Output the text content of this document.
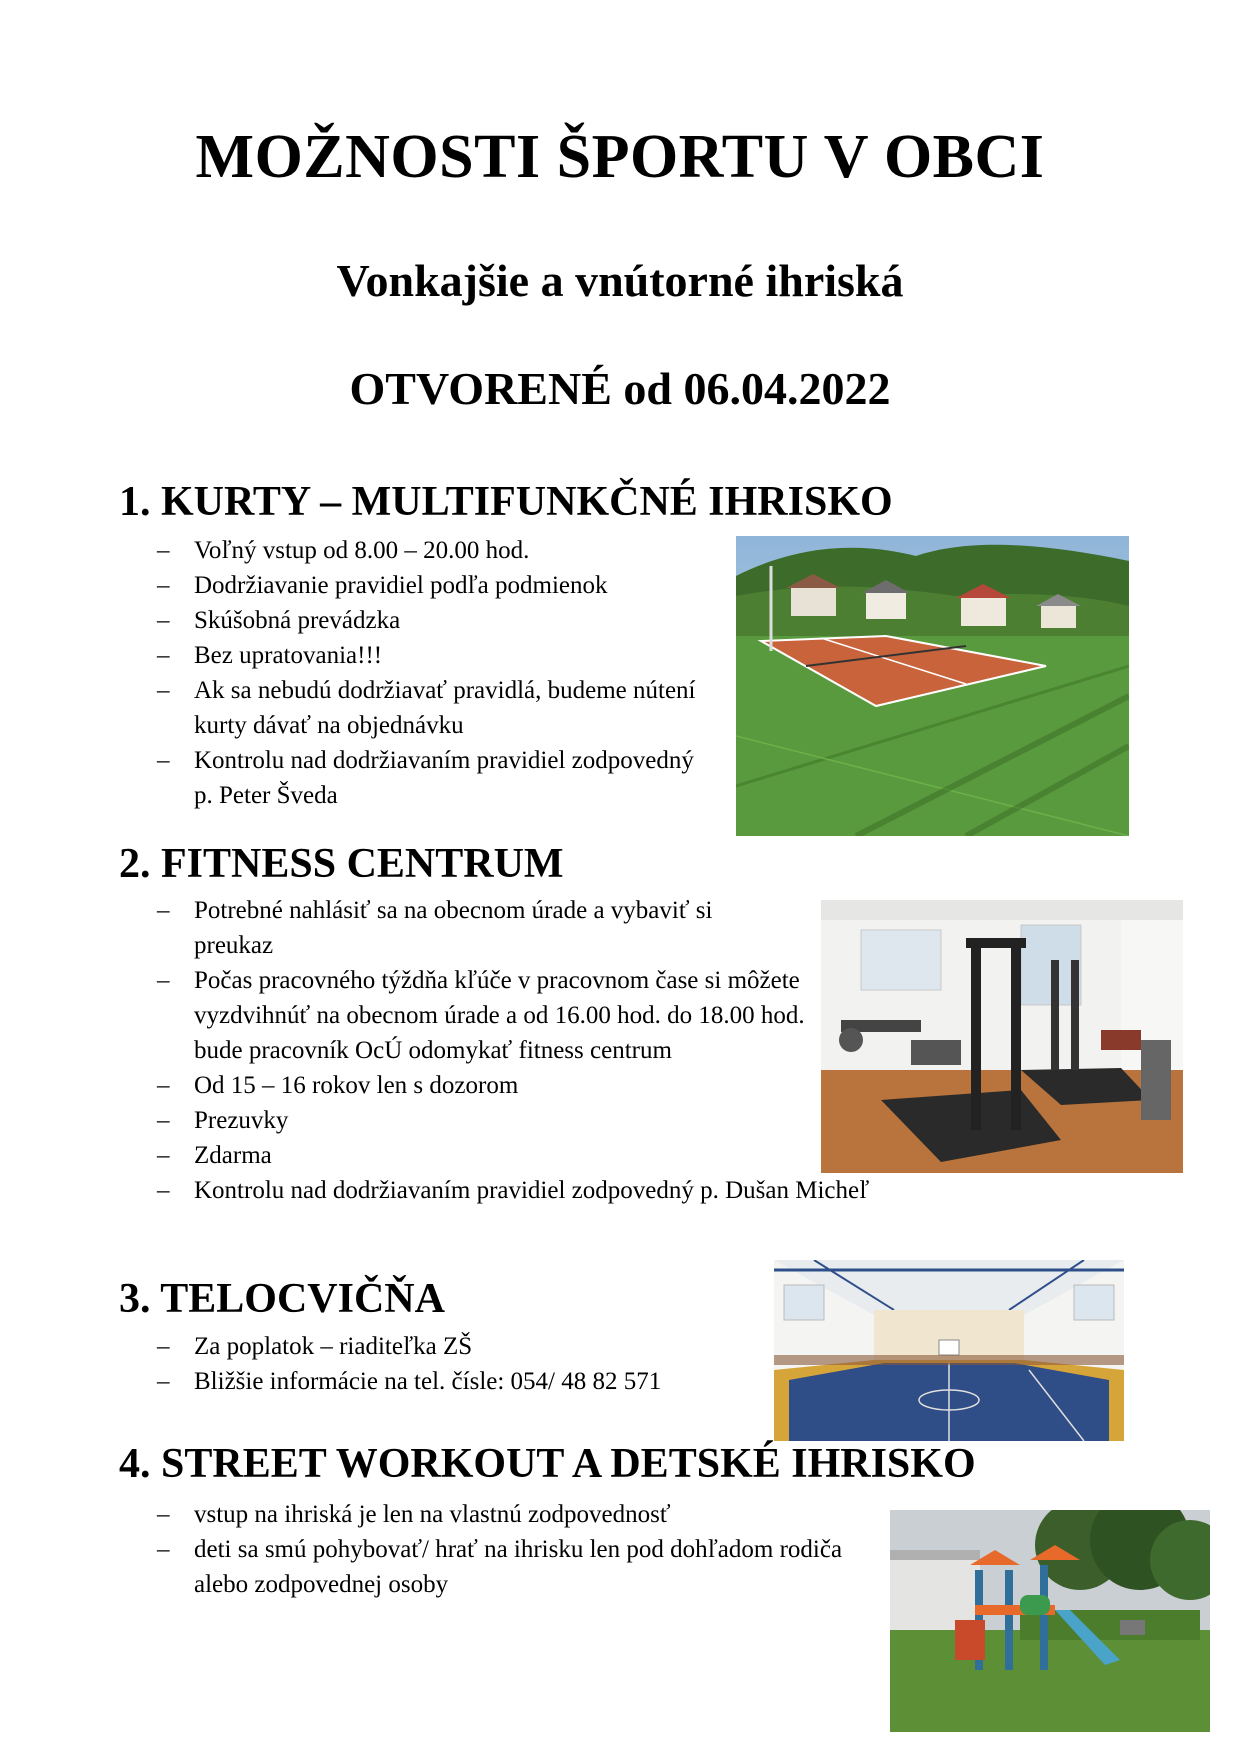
MOŽNOSTI ŠPORTU V OBCI
Vonkajšie a vnútorné ihriská
OTVORENÉ od 06.04.2022
1. KURTY – MULTIFUNKČNÉ IHRISKO
– Voľný vstup od 8.00 – 20.00 hod.
– Dodržiavanie pravidiel podľa podmienok
– Skúšobná prevádzka
– Bez upratovania!!!
– Ak sa nebudú dodržiavať pravidlá, budeme nútení kurty dávať na objednávku
– Kontrolu nad dodržiavaním pravidiel zodpovedný p. Peter Šveda
2. FITNESS CENTRUM
– Potrebné nahlásiť sa na obecnom úrade a vybaviť si preukaz
– Počas pracovného týždňa kľúče v pracovnom čase si môžete vyzdvihnúť na obecnom úrade a od 16.00 hod. do 18.00 hod. bude pracovník OcÚ odomykať fitness centrum
– Od 15 – 16 rokov len s dozorom
– Prezuvky
– Zdarma
– Kontrolu nad dodržiavaním pravidiel zodpovedný p. Dušan Micheľ
3. TELOCVIČŇA
– Za poplatok – riaditeľka ZŠ
– Bližšie informácie na tel. čísle: 054/ 48 82 571
4. STREET WORKOUT A DETSKÉ IHRISKO
– vstup na ihriská je len na vlastnú zodpovednosť
– deti sa smú pohybovať/ hrať na ihrisku len pod dohľadom rodiča alebo zodpovednej osoby
